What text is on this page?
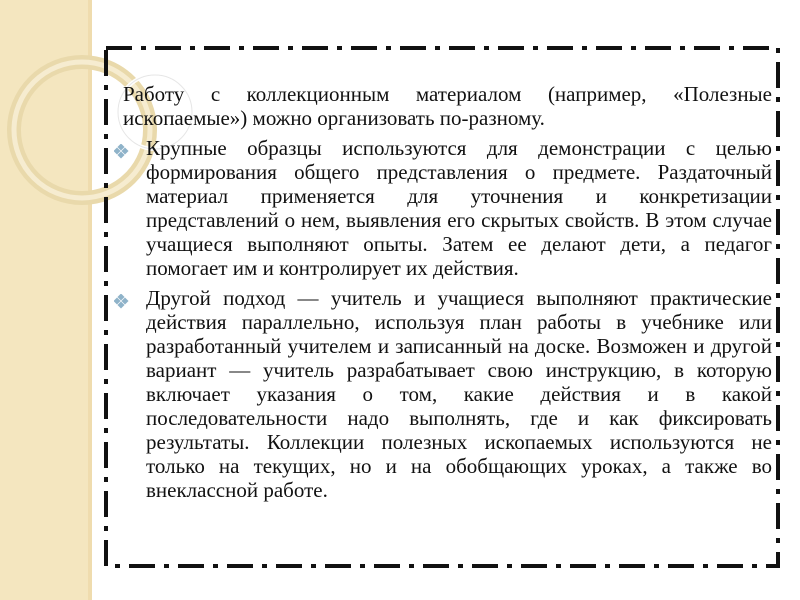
Работу с коллекционным материалом (например, «Полезные ископаемые») можно организовать по-разному.

Крупные образцы используются для демонстрации с целью формирования общего представления о предмете. Раздаточный материал применяется для уточнения и конкретизации представлений о нем, выявления его скрытых свойств. В этом случае учащиеся выполняют опыты. Затем ее делают дети, а педагог помогает им и контролирует их действия.
Другой подход — учитель и учащиеся выполняют практические действия параллельно, используя план работы в учебнике или разработанный учителем и записанный на доске. Возможен и другой вариант — учитель разрабатывает свою инструкцию, в которую включает указания о том, какие действия и в какой последовательности надо выполнять, где и как фиксировать результаты. Коллекции полезных ископаемых используются не только на текущих, но и на обобщающих уроках, а также во внеклассной работе.
